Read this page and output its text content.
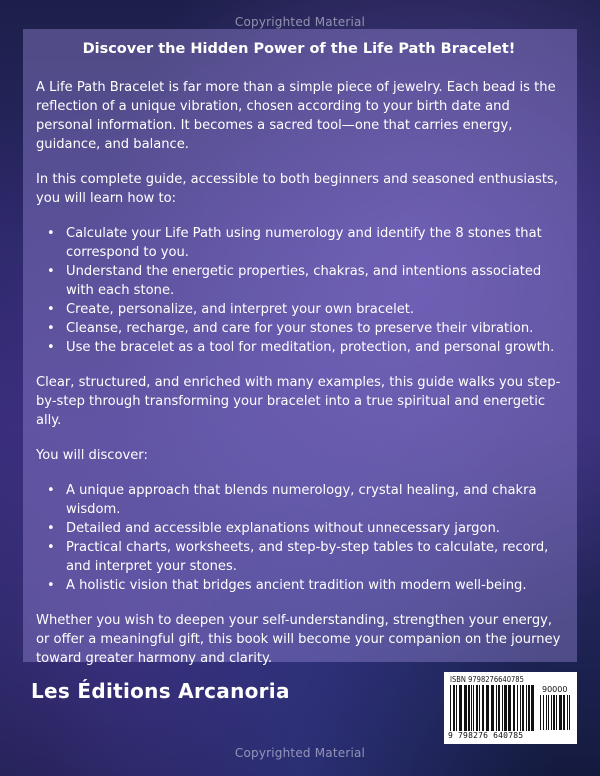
Copyrighted Material
Discover the Hidden Power of the Life Path Bracelet!

A Life Path Bracelet is far more than a simple piece of jewelry. Each bead is the reflection of a unique vibration, chosen according to your birth date and personal information. It becomes a sacred tool—one that carries energy, guidance, and balance.

In this complete guide, accessible to both beginners and seasoned enthusiasts, you will learn how to:

• Calculate your Life Path using numerology and identify the 8 stones that correspond to you.
• Understand the energetic properties, chakras, and intentions associated with each stone.
• Create, personalize, and interpret your own bracelet.
• Cleanse, recharge, and care for your stones to preserve their vibration.
• Use the bracelet as a tool for meditation, protection, and personal growth.

Clear, structured, and enriched with many examples, this guide walks you step-by-step through transforming your bracelet into a true spiritual and energetic ally.

You will discover:

• A unique approach that blends numerology, crystal healing, and chakra wisdom.
• Detailed and accessible explanations without unnecessary jargon.
• Practical charts, worksheets, and step-by-step tables to calculate, record, and interpret your stones.
• A holistic vision that bridges ancient tradition with modern well-being.

Whether you wish to deepen your self-understanding, strengthen your energy, or offer a meaningful gift, this book will become your companion on the journey toward greater harmony and clarity.

Les Éditions Arcanoria	ISBN 9798276640785
90000
9 798276 640785
Copyrighted Material
